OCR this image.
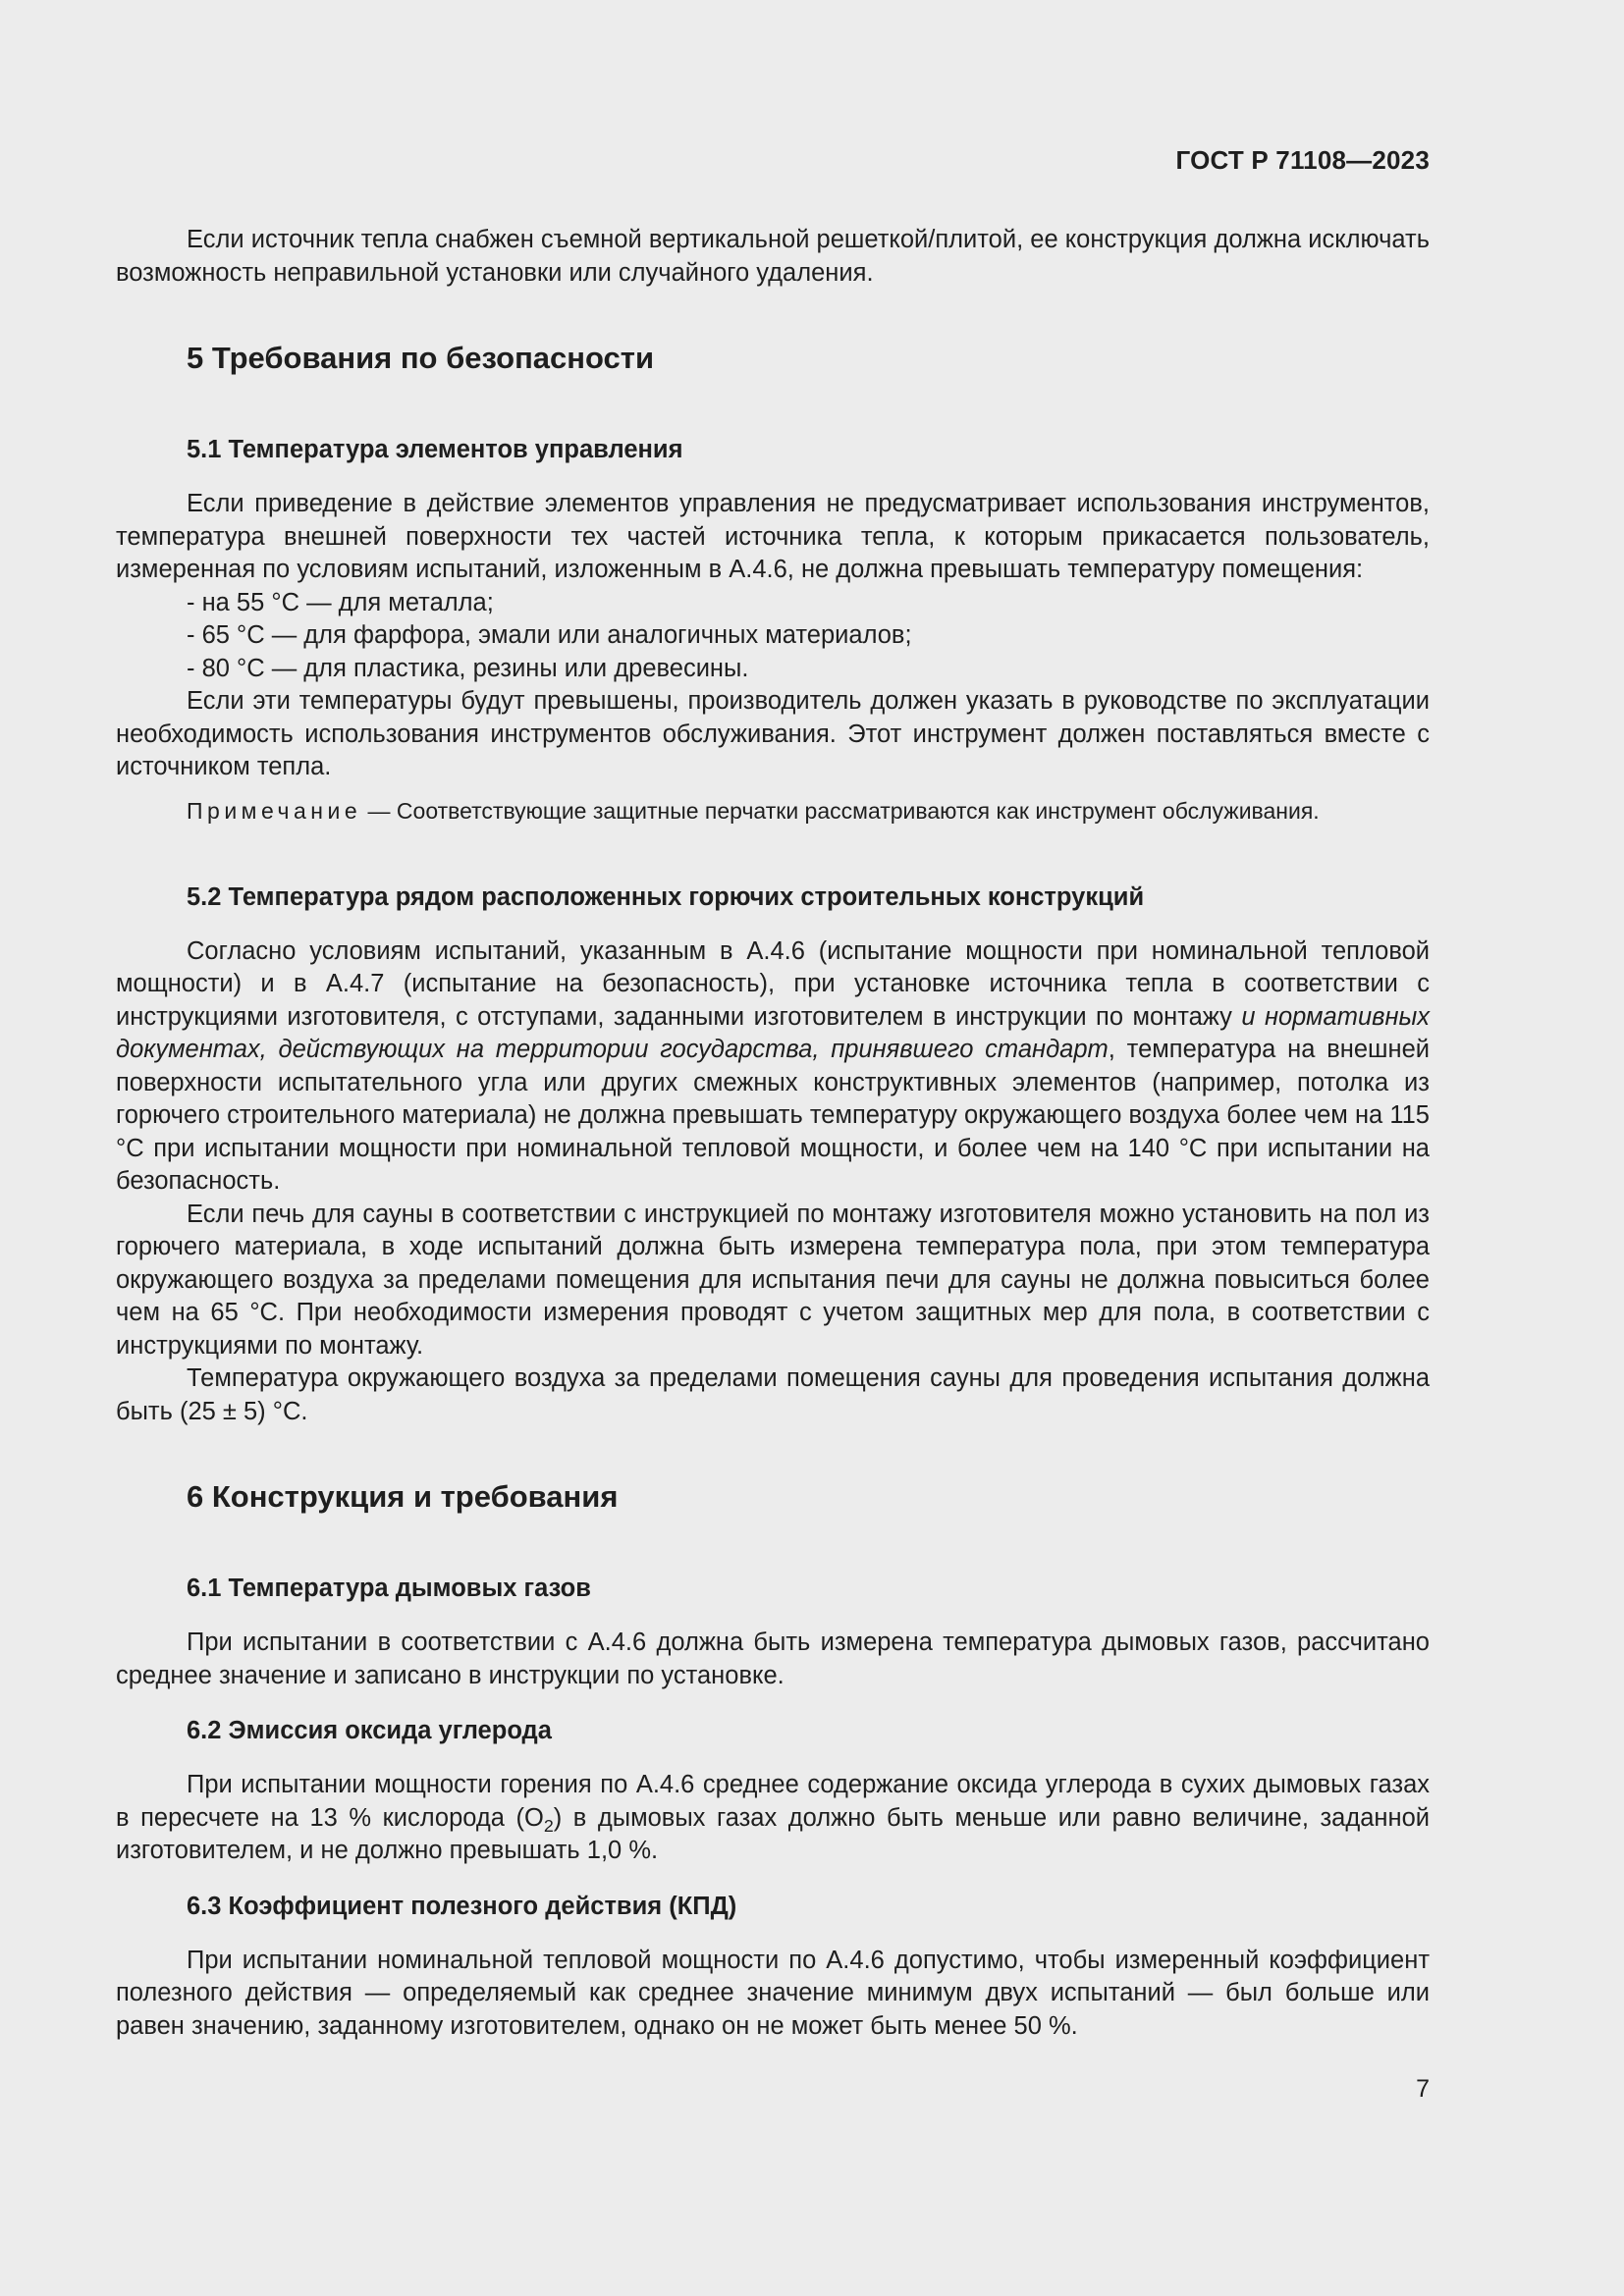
ГОСТ Р 71108—2023

Если источник тепла снабжен съемной вертикальной решеткой/плитой, ее конструкция должна исключать возможность неправильной установки или случайного удаления.

5 Требования по безопасности
5.1 Температура элементов управления

Если приведение в действие элементов управления не предусматривает использования инструментов, температура внешней поверхности тех частей источника тепла, к которым прикасается пользователь, измеренная по условиям испытаний, изложенным в А.4.6, не должна превышать температуру помещения:

- на 55 °С — для металла;

- 65 °С — для фарфора, эмали или аналогичных материалов;

- 80 °С — для пластика, резины или древесины.

Если эти температуры будут превышены, производитель должен указать в руководстве по эксплуатации необходимость использования инструментов обслуживания. Этот инструмент должен поставляться вместе с источником тепла.

Примечание — Соответствующие защитные перчатки рассматриваются как инструмент обслуживания.

5.2 Температура рядом расположенных горючих строительных конструкций

Согласно условиям испытаний, указанным в А.4.6 (испытание мощности при номинальной тепловой мощности) и в А.4.7 (испытание на безопасность), при установке источника тепла в соответствии с инструкциями изготовителя, с отступами, заданными изготовителем в инструкции по монтажу и нормативных документах, действующих на территории государства, принявшего стандарт, температура на внешней поверхности испытательного угла или других смежных конструктивных элементов (например, потолка из горючего строительного материала) не должна превышать температуру окружающего воздуха более чем на 115 °С при испытании мощности при номинальной тепловой мощности, и более чем на 140 °С при испытании на безопасность.

Если печь для сауны в соответствии с инструкцией по монтажу изготовителя можно установить на пол из горючего материала, в ходе испытаний должна быть измерена температура пола, при этом температура окружающего воздуха за пределами помещения для испытания печи для сауны не должна повыситься более чем на 65 °С. При необходимости измерения проводят с учетом защитных мер для пола, в соответствии с инструкциями по монтажу.

Температура окружающего воздуха за пределами помещения сауны для проведения испытания должна быть (25 ± 5) °С.

6 Конструкция и требования
6.1 Температура дымовых газов

При испытании в соответствии с А.4.6 должна быть измерена температура дымовых газов, рассчитано среднее значение и записано в инструкции по установке.

6.2 Эмиссия оксида углерода

При испытании мощности горения по А.4.6 среднее содержание оксида углерода в сухих дымовых газах в пересчете на 13 % кислорода $(O_2)$ в дымовых газах должно быть меньше или равно величине, заданной изготовителем, и не должно превышать 1,0 %.

6.3 Коэффициент полезного действия (КПД)

При испытании номинальной тепловой мощности по А.4.6 допустимо, чтобы измеренный коэффициент полезного действия — определяемый как среднее значение минимум двух испытаний — был больше или равен значению, заданному изготовителем, однако он не может быть менее 50 %.

7
